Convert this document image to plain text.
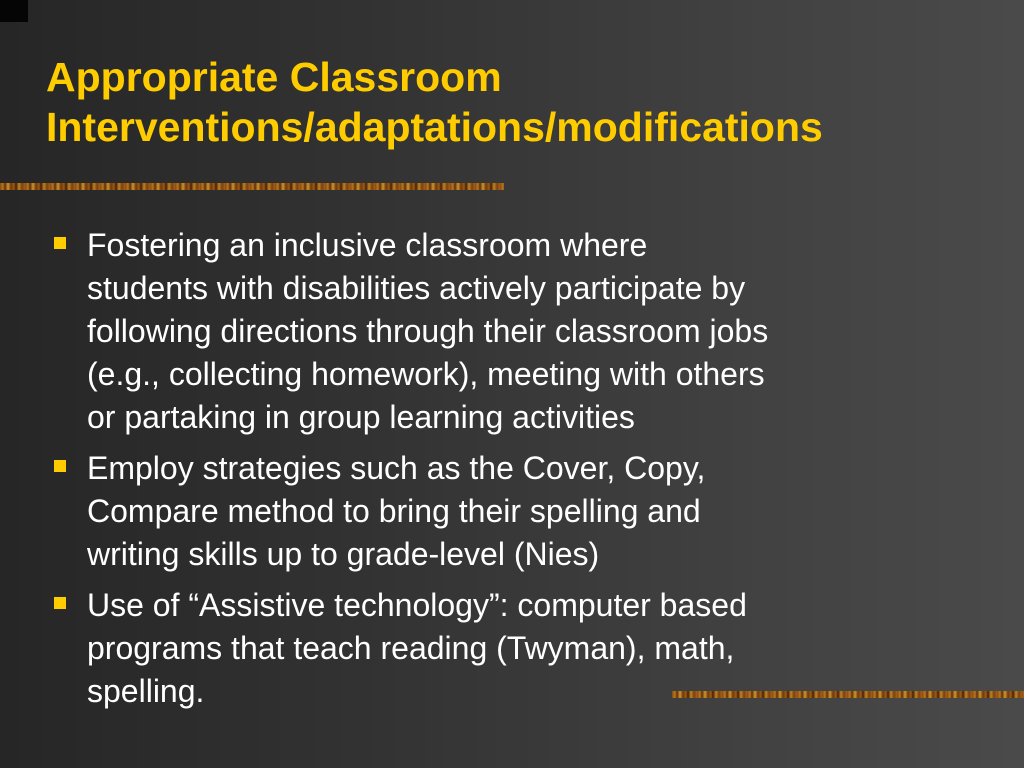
Appropriate Classroom
Interventions/adaptations/modifications
Fostering an inclusive classroom where
students with disabilities actively participate by
following directions through their classroom jobs
(e.g., collecting homework), meeting with others
or partaking in group learning activities
Employ strategies such as the Cover, Copy,
Compare method to bring their spelling and
writing skills up to grade-level (Nies)
Use of “Assistive technology”: computer based
programs that teach reading (Twyman), math,
spelling.
